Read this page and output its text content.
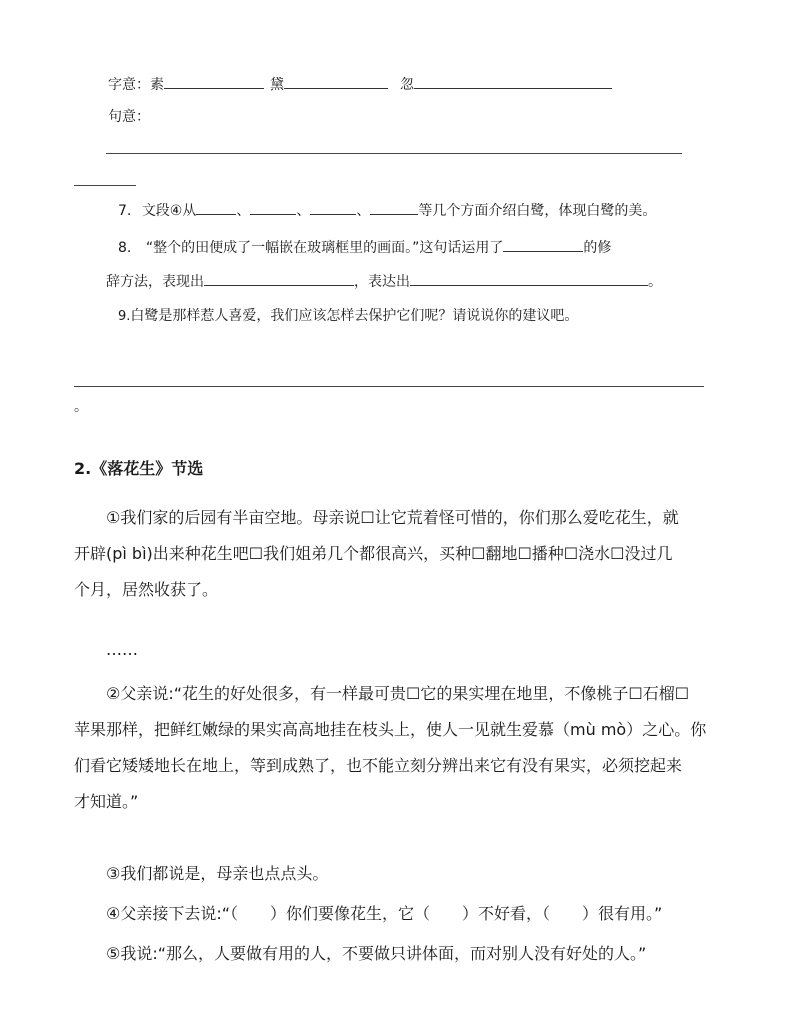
字意：素	黛	忽
句意：
7. 文段④从	、	、	、	等几个方面介绍白鹭，体现白鹭的美。
8. “整个的田便成了一幅嵌在玻璃框里的画面。”这句话运用了	的修
辞方法，表现出	，表达出	。
9.白鹭是那样惹人喜爱，我们应该怎样去保护它们呢？请说说你的建议吧。
。
2.《落花生》节选
①我们家的后园有半亩空地。母亲说☐让它荒着怪可惜的，你们那么爱吃花生，就
开辟(pì bì)出来种花生吧☐我们姐弟几个都很高兴，买种☐翻地☐播种☐浇水☐没过几
个月，居然收获了。
……
②父亲说:“花生的好处很多，有一样最可贵☐它的果实埋在地里，不像桃子☐石榴☐
苹果那样，把鲜红嫩绿的果实高高地挂在枝头上，使人一见就生爱慕（mù mò）之心。你
们看它矮矮地长在地上，等到成熟了，也不能立刻分辨出来它有没有果实，必须挖起来
才知道。”
③我们都说是，母亲也点点头。
④父亲接下去说:“（　　）你们要像花生，它（　　）不好看，（　　）很有用。”
⑤我说:“那么，人要做有用的人，不要做只讲体面，而对别人没有好处的人。”
